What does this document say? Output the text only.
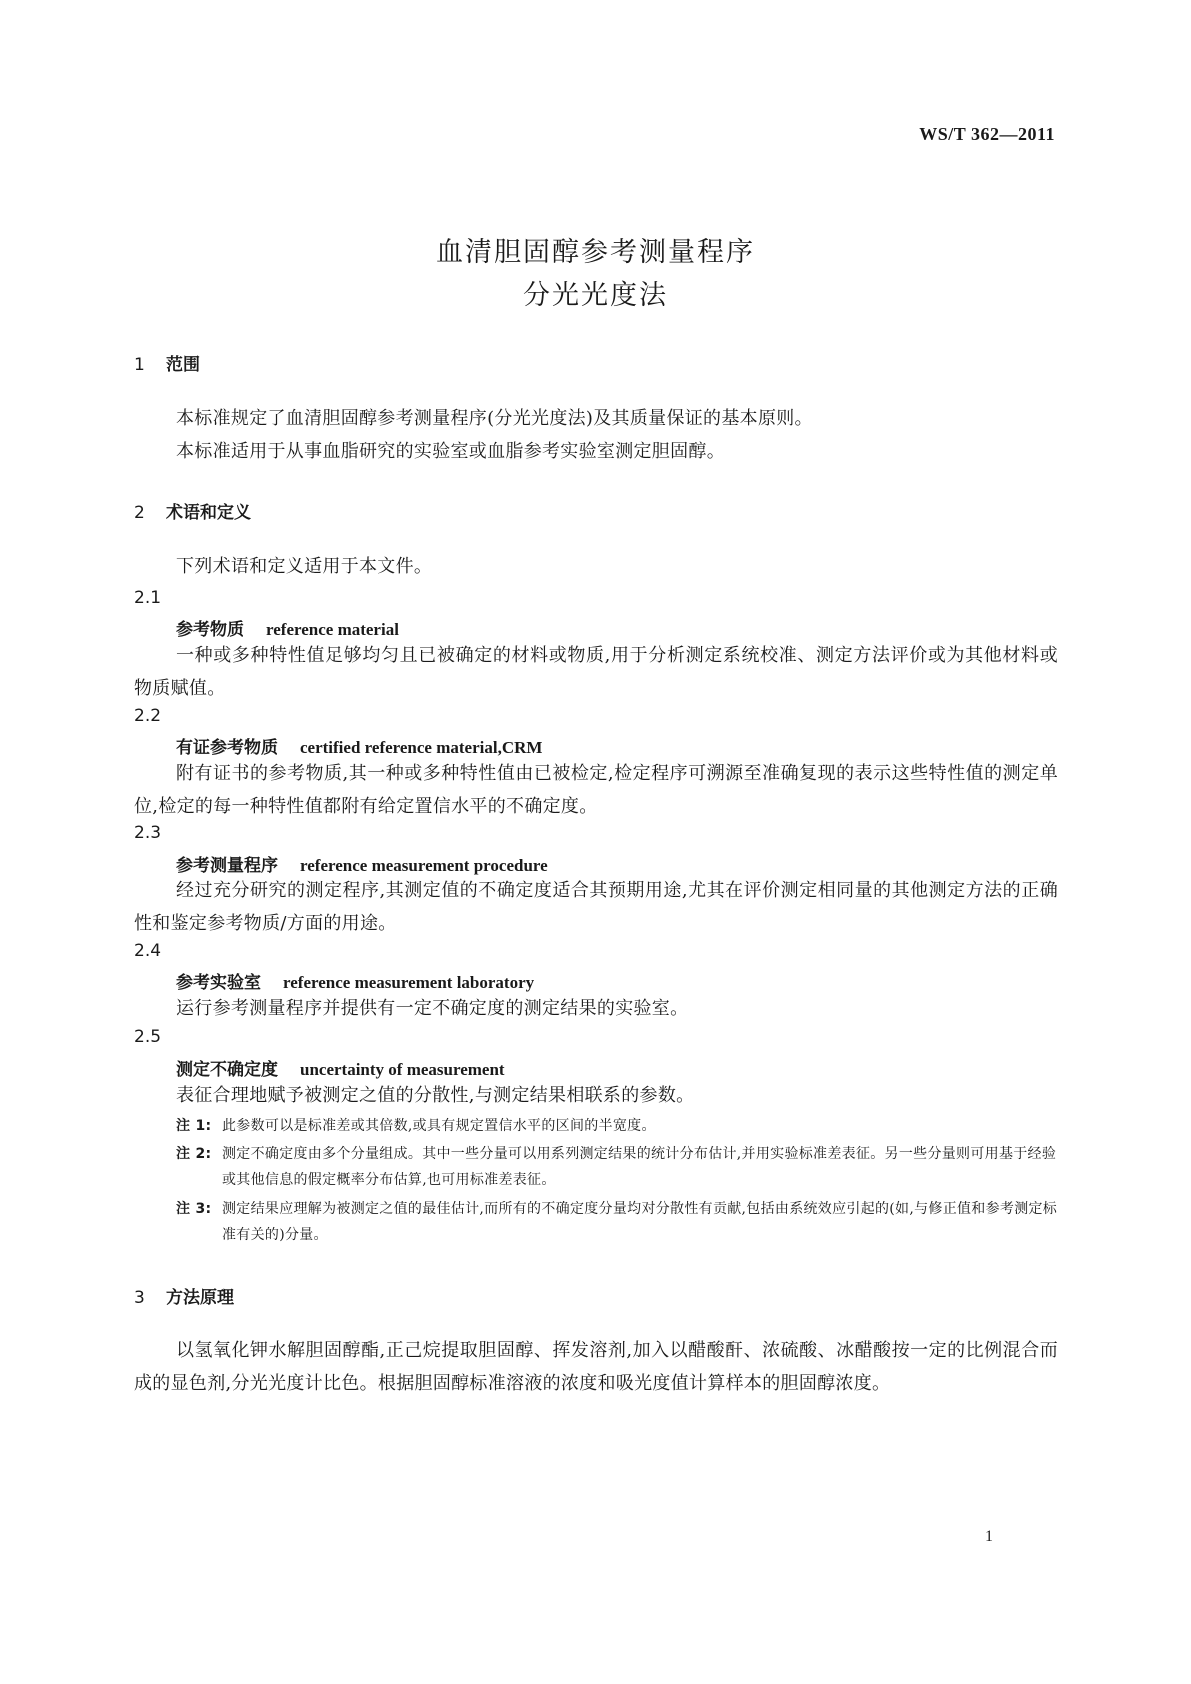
WS/T 362—2011
血清胆固醇参考测量程序
分光光度法
1 范围
本标准规定了血清胆固醇参考测量程序(分光光度法)及其质量保证的基本原则。
本标准适用于从事血脂研究的实验室或血脂参考实验室测定胆固醇。
2 术语和定义
下列术语和定义适用于本文件。
2.1
参考物质 reference material
一种或多种特性值足够均匀且已被确定的材料或物质,用于分析测定系统校准、测定方法评价或为其他材料或物质赋值。
2.2
有证参考物质 certified reference material,CRM
附有证书的参考物质,其一种或多种特性值由已被检定,检定程序可溯源至准确复现的表示这些特性值的测定单位,检定的每一种特性值都附有给定置信水平的不确定度。
2.3
参考测量程序 reference measurement procedure
经过充分研究的测定程序,其测定值的不确定度适合其预期用途,尤其在评价测定相同量的其他测定方法的正确性和鉴定参考物质/方面的用途。
2.4
参考实验室 reference measurement laboratory
运行参考测量程序并提供有一定不确定度的测定结果的实验室。
2.5
测定不确定度 uncertainty of measurement
表征合理地赋予被测定之值的分散性,与测定结果相联系的参数。
注 1: 此参数可以是标准差或其倍数,或具有规定置信水平的区间的半宽度。
注 2: 测定不确定度由多个分量组成。其中一些分量可以用系列测定结果的统计分布估计,并用实验标准差表征。另一些分量则可用基于经验或其他信息的假定概率分布估算,也可用标准差表征。
注 3: 测定结果应理解为被测定之值的最佳估计,而所有的不确定度分量均对分散性有贡献,包括由系统效应引起的(如,与修正值和参考测定标准有关的)分量。
3 方法原理
以氢氧化钾水解胆固醇酯,正己烷提取胆固醇、挥发溶剂,加入以醋酸酐、浓硫酸、冰醋酸按一定的比例混合而成的显色剂,分光光度计比色。根据胆固醇标准溶液的浓度和吸光度值计算样本的胆固醇浓度。
1
